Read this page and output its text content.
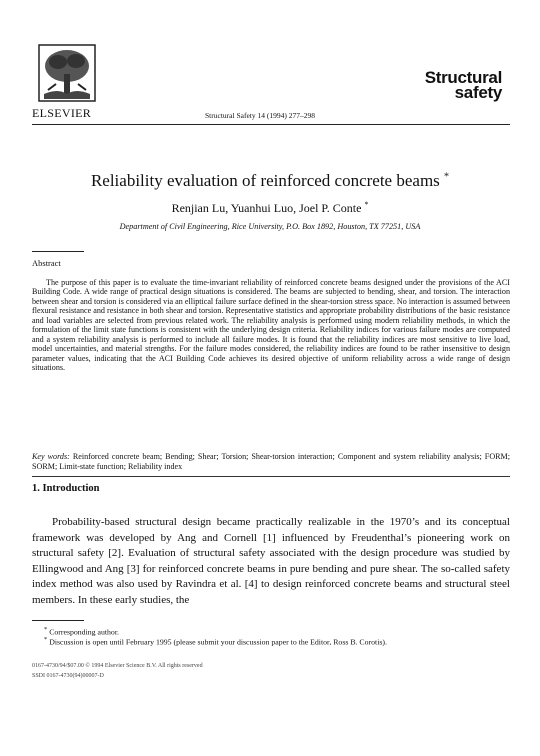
ELSEVIER	Structural Safety 14 (1994) 277–298
Structural
safety
Reliability evaluation of reinforced concrete beams *
Renjian Lu, Yuanhui Luo, Joel P. Conte *
Department of Civil Engineering, Rice University, P.O. Box 1892, Houston, TX 77251, USA
Abstract
The purpose of this paper is to evaluate the time-invariant reliability of reinforced concrete beams designed under the provisions of the ACI Building Code. A wide range of practical design situations is considered. The beams are subjected to bending, shear, and torsion. The interaction between shear and torsion is considered via an elliptical failure surface defined in the shear-torsion stress space. No interaction is assumed between flexural resistance and resistance in both shear and torsion. Representative statistics and appropriate probability distributions of the basic resistance and load variables are selected from previous related work. The reliability analysis is performed using modern reliability methods, in which the formulation of the limit state functions is consistent with the underlying design criteria. Reliability indices for various failure modes are computed and a system reliability analysis is performed to include all failure modes. It is found that the reliability indices are most sensitive to live load, model uncertainties, and material strengths. For the failure modes considered, the reliability indices are found to be rather insensitive to design parameter values, indicating that the ACI Building Code achieves its desired objective of uniform reliability across a wide range of design situations.
Key words: Reinforced concrete beam; Bending; Shear; Torsion; Shear-torsion interaction; Component and system reliability analysis; FORM; SORM; Limit-state function; Reliability index
1. Introduction
Probability-based structural design became practically realizable in the 1970’s and its conceptual framework was developed by Ang and Cornell [1] influenced by Freudenthal’s pioneering work on structural safety [2]. Evaluation of structural safety associated with the design procedure was studied by Ellingwood and Ang [3] for reinforced concrete beams in pure bending and pure shear. The so-called safety index method was also used by Ravindra et al. [4] to design reinforced concrete beams and structural steel members. In these early studies, the
* Corresponding author.
* Discussion is open until February 1995 (please submit your discussion paper to the Editor, Ross B. Corotis).
0167-4730/94/$07.00 © 1994 Elsevier Science B.V. All rights reserved
SSDI 0167-4730(94)00007-D
